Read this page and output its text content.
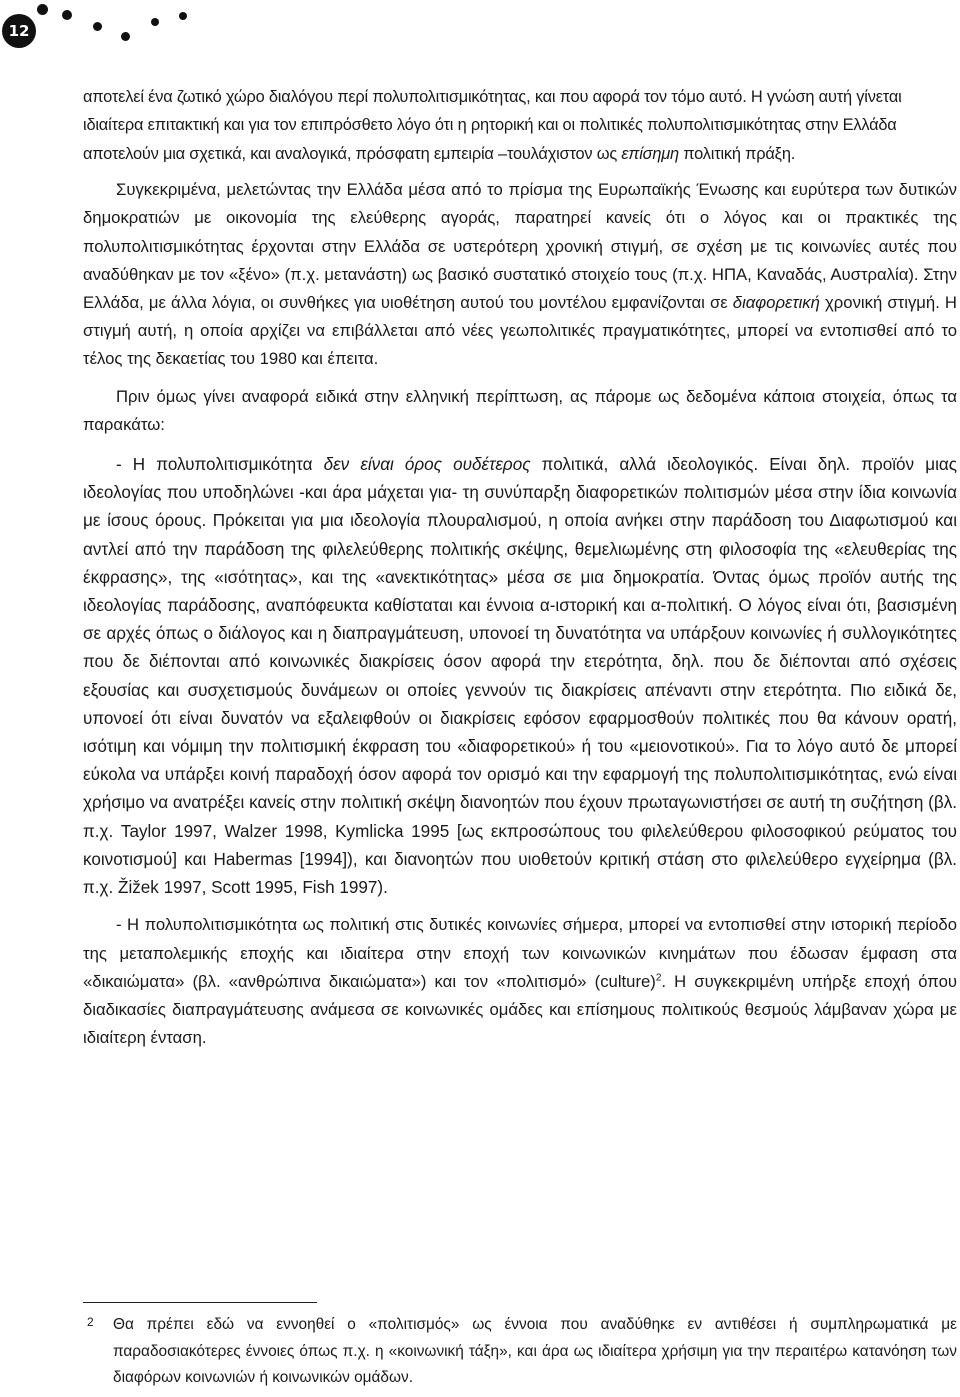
12

αποτελεί ένα ζωτικό χώρο διαλόγου περί πολυπολιτισμικότητας, και που αφορά τον τόμο αυτό. Η γνώση αυτή γίνεται ιδιαίτερα επιτακτική και για τον επιπρόσθετο λόγο ότι η ρητορική και οι πολιτικές πολυπολιτισμικότητας στην Ελλάδα αποτελούν μια σχετικά, και αναλογικά, πρόσφατη εμπειρία –τουλάχιστον ως επίσημη πολιτική πράξη.

Συγκεκριμένα, μελετώντας την Ελλάδα μέσα από το πρίσμα της Ευρωπαϊκής Ένωσης και ευρύτερα των δυτικών δημοκρατιών με οικονομία της ελεύθερης αγοράς, παρατηρεί κανείς ότι ο λόγος και οι πρακτικές της πολυπολιτισμικότητας έρχονται στην Ελλάδα σε υστερότερη χρονική στιγμή, σε σχέση με τις κοινωνίες αυτές που αναδύθηκαν με τον «ξένο» (π.χ. μετανάστη) ως βασικό συστατικό στοιχείο τους (π.χ. ΗΠΑ, Καναδάς, Αυστραλία). Στην Ελλάδα, με άλλα λόγια, οι συνθήκες για υιοθέτηση αυτού του μοντέλου εμφανίζονται σε διαφορετική χρονική στιγμή. Η στιγμή αυτή, η οποία αρχίζει να επιβάλλεται από νέες γεωπολιτικές πραγματικότητες, μπορεί να εντοπισθεί από το τέλος της δεκαετίας του 1980 και έπειτα.

Πριν όμως γίνει αναφορά ειδικά στην ελληνική περίπτωση, ας πάρομε ως δεδομένα κάποια στοιχεία, όπως τα παρακάτω:

- Η πολυπολιτισμικότητα δεν είναι όρος ουδέτερος πολιτικά, αλλά ιδεολογικός. Είναι δηλ. προϊόν μιας ιδεολογίας που υποδηλώνει -και άρα μάχεται για- τη συνύπαρξη διαφορετικών πολιτισμών μέσα στην ίδια κοινωνία με ίσους όρους. Πρόκειται για μια ιδεολογία πλουραλισμού, η οποία ανήκει στην παράδοση του Διαφωτισμού και αντλεί από την παράδοση της φιλελεύθερης πολιτικής σκέψης, θεμελιωμένης στη φιλοσοφία της «ελευθερίας της έκφρασης», της «ισότητας», και της «ανεκτικότητας» μέσα σε μια δημοκρατία. Όντας όμως προϊόν αυτής της ιδεολογίας παράδοσης, αναπόφευκτα καθίσταται και έννοια α-ιστορική και α-πολιτική. Ο λόγος είναι ότι, βασισμένη σε αρχές όπως ο διάλογος και η διαπραγμάτευση, υπονοεί τη δυνατότητα να υπάρξουν κοινωνίες ή συλλογικότητες που δε διέπονται από κοινωνικές διακρίσεις όσον αφορά την ετερότητα, δηλ. που δε διέπονται από σχέσεις εξουσίας και συσχετισμούς δυνάμεων οι οποίες γεννούν τις διακρίσεις απέναντι στην ετερότητα. Πιο ειδικά δε, υπονοεί ότι είναι δυνατόν να εξαλειφθούν οι διακρίσεις εφόσον εφαρμοσθούν πολιτικές που θα κάνουν ορατή, ισότιμη και νόμιμη την πολιτισμική έκφραση του «διαφορετικού» ή του «μειονοτικού». Για το λόγο αυτό δε μπορεί εύκολα να υπάρξει κοινή παραδοχή όσον αφορά τον ορισμό και την εφαρμογή της πολυπολιτισμικότητας, ενώ είναι χρήσιμο να ανατρέξει κανείς στην πολιτική σκέψη διανοητών που έχουν πρωταγωνιστήσει σε αυτή τη συζήτηση (βλ. π.χ. Taylor 1997, Walzer 1998, Kymlicka 1995 [ως εκπροσώπους του φιλελεύθερου φιλοσοφικού ρεύματος του κοινοτισμού] και Habermas [1994]), και διανοητών που υιοθετούν κριτική στάση στο φιλελεύθερο εγχείρημα (βλ. π.χ. Žižek 1997, Scott 1995, Fish 1997).

- Η πολυπολιτισμικότητα ως πολιτική στις δυτικές κοινωνίες σήμερα, μπορεί να εντοπισθεί στην ιστορική περίοδο της μεταπολεμικής εποχής και ιδιαίτερα στην εποχή των κοινωνικών κινημάτων που έδωσαν έμφαση στα «δικαιώματα» (βλ. «ανθρώπινα δικαιώματα») και τον «πολιτισμό» (culture)$^2$. Η συγκεκριμένη υπήρξε εποχή όπου διαδικασίες διαπραγμάτευσης ανάμεσα σε κοινωνικές ομάδες και επίσημους πολιτικούς θεσμούς λάμβαναν χώρα με ιδιαίτερη ένταση.

2	Θα πρέπει εδώ να εννοηθεί ο «πολιτισμός» ως έννοια που αναδύθηκε εν αντιθέσει ή συμπληρωματικά με παραδοσιακότερες έννοιες όπως π.χ. η «κοινωνική τάξη», και άρα ως ιδιαίτερα χρήσιμη για την περαιτέρω κατανόηση των διαφόρων κοινωνιών ή κοινωνικών ομάδων.
